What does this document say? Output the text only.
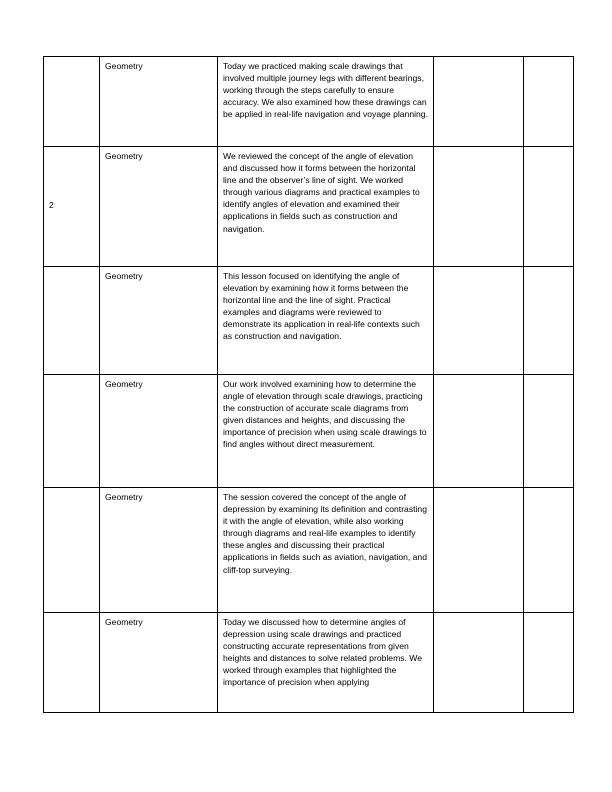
	Geometry	Today we practiced making scale drawings that involved multiple journey legs with different bearings, working through the steps carefully to ensure accuracy. We also examined how these drawings can be applied in real-life navigation and voyage planning.		
2	Geometry	We reviewed the concept of the angle of elevation and discussed how it forms between the horizontal line and the observer’s line of sight. We worked through various diagrams and practical examples to identify angles of elevation and examined their applications in fields such as construction and navigation.		
	Geometry	This lesson focused on identifying the angle of elevation by examining how it forms between the horizontal line and the line of sight. Practical examples and diagrams were reviewed to demonstrate its application in real-life contexts such as construction and navigation.		
	Geometry	Our work involved examining how to determine the angle of elevation through scale drawings, practicing the construction of accurate scale diagrams from given distances and heights, and discussing the importance of precision when using scale drawings to find angles without direct measurement.		
	Geometry	The session covered the concept of the angle of depression by examining its definition and contrasting it with the angle of elevation, while also working through diagrams and real-life examples to identify these angles and discussing their practical applications in fields such as aviation, navigation, and cliff-top surveying.		
	Geometry	Today we discussed how to determine angles of depression using scale drawings and practiced constructing accurate representations from given heights and distances to solve related problems. We worked through examples that highlighted the importance of precision when applying		
